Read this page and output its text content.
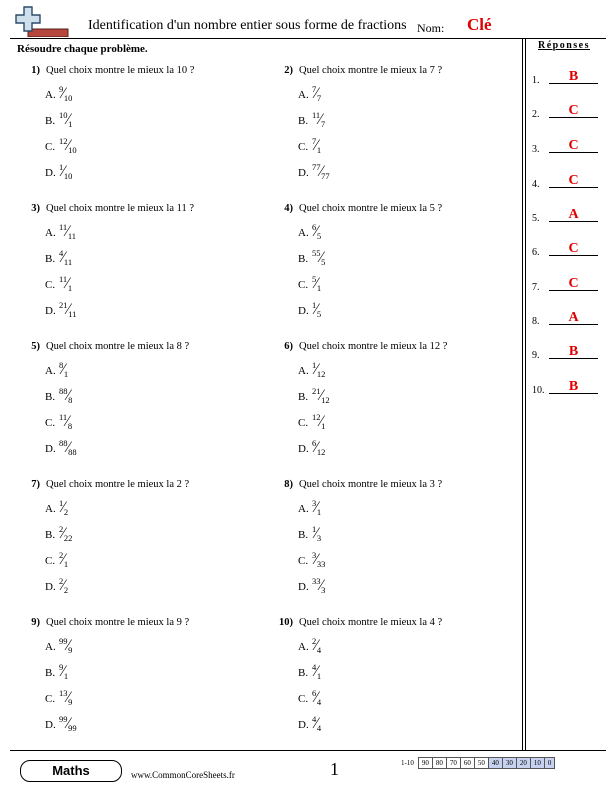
Identification d'un nombre entier sous forme de fractions Nom: Clé
Résoudre chaque problème.	Réponses
1.	B
2.	C
3.	C
4.	C
5.	A
6.	C
7.	C
8.	A
9.	B
10.	B
1) Quel choix montre le mieux la 10 ?
A. $^9⁄_{10}$
B. $^{10}⁄_1$
C. $^{12}⁄_{10}$
D. $^1⁄_{10}$
2) Quel choix montre le mieux la 7 ?
A. $^7⁄_7$
B. $^{11}⁄_7$
C. $^7⁄_1$
D. $^{77}⁄_{77}$
3) Quel choix montre le mieux la 11 ?
A. $^{11}⁄_{11}$
B. $^4⁄_{11}$
C. $^{11}⁄_1$
D. $^{21}⁄_{11}$
4) Quel choix montre le mieux la 5 ?
A. $^6⁄_5$
B. $^{55}⁄_5$
C. $^5⁄_1$
D. $^1⁄_5$
5) Quel choix montre le mieux la 8 ?
A. $^8⁄_1$
B. $^{88}⁄_8$
C. $^{11}⁄_8$
D. $^{88}⁄_{88}$
6) Quel choix montre le mieux la 12 ?
A. $^1⁄_{12}$
B. $^{21}⁄_{12}$
C. $^{12}⁄_1$
D. $^6⁄_{12}$
7) Quel choix montre le mieux la 2 ?
A. $^1⁄_2$
B. $^2⁄_{22}$
C. $^2⁄_1$
D. $^2⁄_2$
8) Quel choix montre le mieux la 3 ?
A. $^3⁄_1$
B. $^1⁄_3$
C. $^3⁄_{33}$
D. $^{33}⁄_3$
9) Quel choix montre le mieux la 9 ?
A. $^{99}⁄_9$
B. $^9⁄_1$
C. $^{13}⁄_9$
D. $^{99}⁄_{99}$
10) Quel choix montre le mieux la 4 ?
A. $^2⁄_4$
B. $^4⁄_1$
C. $^6⁄_4$
D. $^4⁄_4$
Maths	www.CommonCoreSheets.fr	1	1-10	90	80	70	60	50	40	30	20	10	0
